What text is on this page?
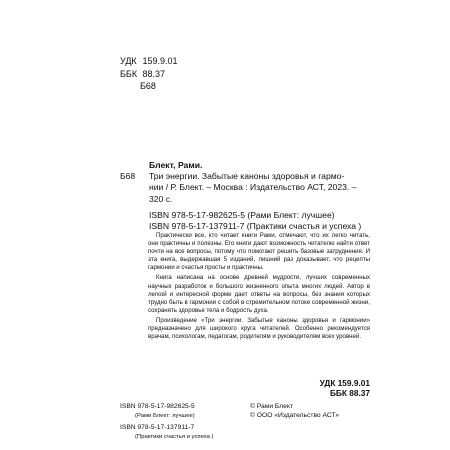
УДК 159.9.01
ББК 88.37
Б68
Блект, Рами.
Б68 Три энергии. Забытые каноны здоровья и гармо-
нии / Р. Блект. – Москва : Издательство АСТ, 2023. –
320 с.
ISBN 978-5-17-982625-5 (Рами Блект: лучшее)
ISBN 978-5-17-137911-7 (Практики счастья и успеха )

Практически все, кто читает книги Рами, отмечают, что их легко читать, они практичны и полезны. Его книги дают возможность читателю найти ответ почти на все вопросы, потому что помогают решить базовые затруднения. И эта книга, выдержавшая 5 изданий, лишний раз доказывает, что рецепты гармонии и счастья просты и практичны.

Книга написана на основе древней мудрости, лучших современных научных разработок и большого жизненного опыта многих людей. Автор в легкой и интересной форме дает ответы на вопросы, без знания которых трудно быть в гармонии с собой в стремительном потоке современной жизни, сохранять здоровье тела и бодрость духа.

Произведение «Три энергии. Забытые каноны здоровья и гармонии» предназначено для широкого круга читателей. Особенно рекомендуется врачам, психологам, педагогам, родителям и руководителям всех уровней.

УДК 159.9.01
ББК 88.37
ISBN 978-5-17-982625-5
(Рами Блект: лучшее)
ISBN 978-5-17-137911-7
(Практики счастья и успеха )
© Рами Блект
© ООО «Издательство АСТ»
